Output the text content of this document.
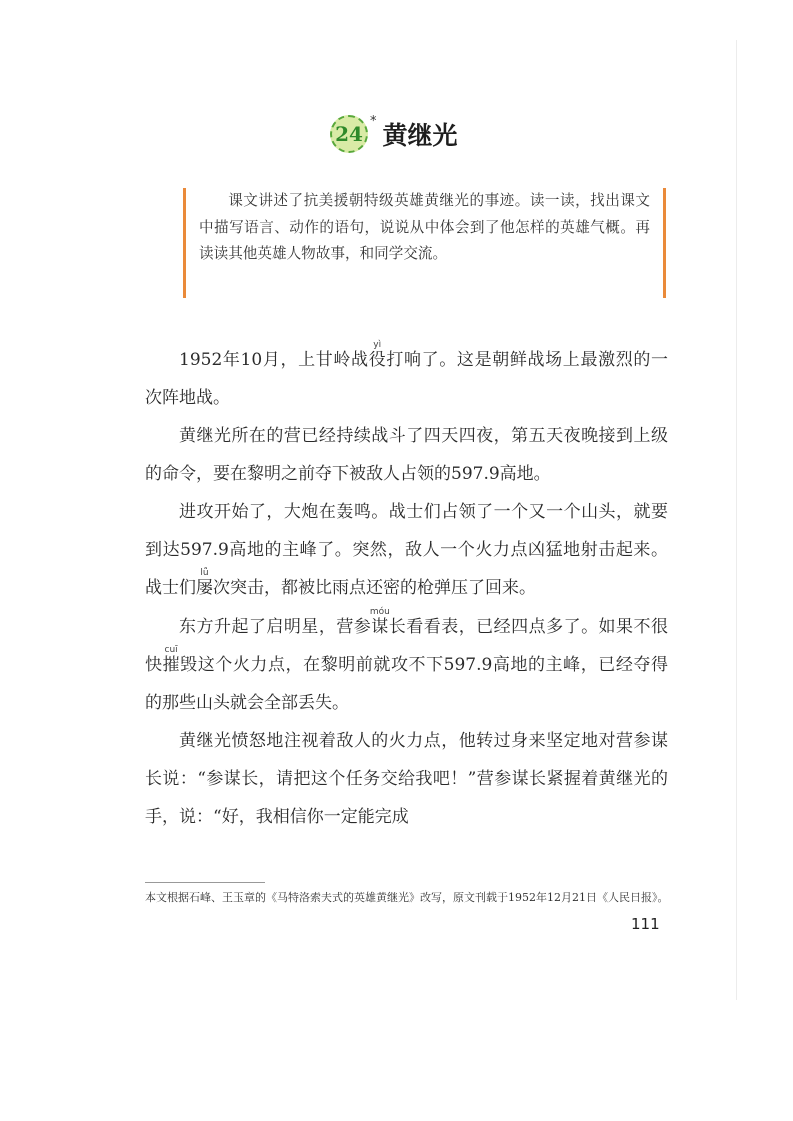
24
* 黄继光

课文讲述了抗美援朝特级英雄黄继光的事迹。读一读，找出课文中描写语言、动作的语句，说说从中体会到了他怎样的英雄气概。再读读其他英雄人物故事，和同学交流。

1952年10月，上甘岭战役yì打响了。这是朝鲜战场上最激烈的一次阵地战。

黄继光所在的营已经持续战斗了四天四夜，第五天夜晚接到上级的命令，要在黎明之前夺下被敌人占领的597.9高地。

进攻开始了，大炮在轰鸣。战士们占领了一个又一个山头，就要到达597.9高地的主峰了。突然，敌人一个火力点凶猛地射击起来。战士们屡lǚ次突击，都被比雨点还密的枪弹压了回来。

东方升起了启明星，营参谋móu长看看表，已经四点多了。如果不很快摧cuī毁这个火力点，在黎明前就攻不下597.9高地的主峰，已经夺得的那些山头就会全部丢失。

黄继光愤怒地注视着敌人的火力点，他转过身来坚定地对营参谋长说：“参谋长，请把这个任务交给我吧！”营参谋长紧握着黄继光的手，说：“好，我相信你一定能完成

本文根据石峰、王玉章的《马特洛索夫式的英雄黄继光》改写，原文刊载于1952年12月21日《人民日报》。

111
